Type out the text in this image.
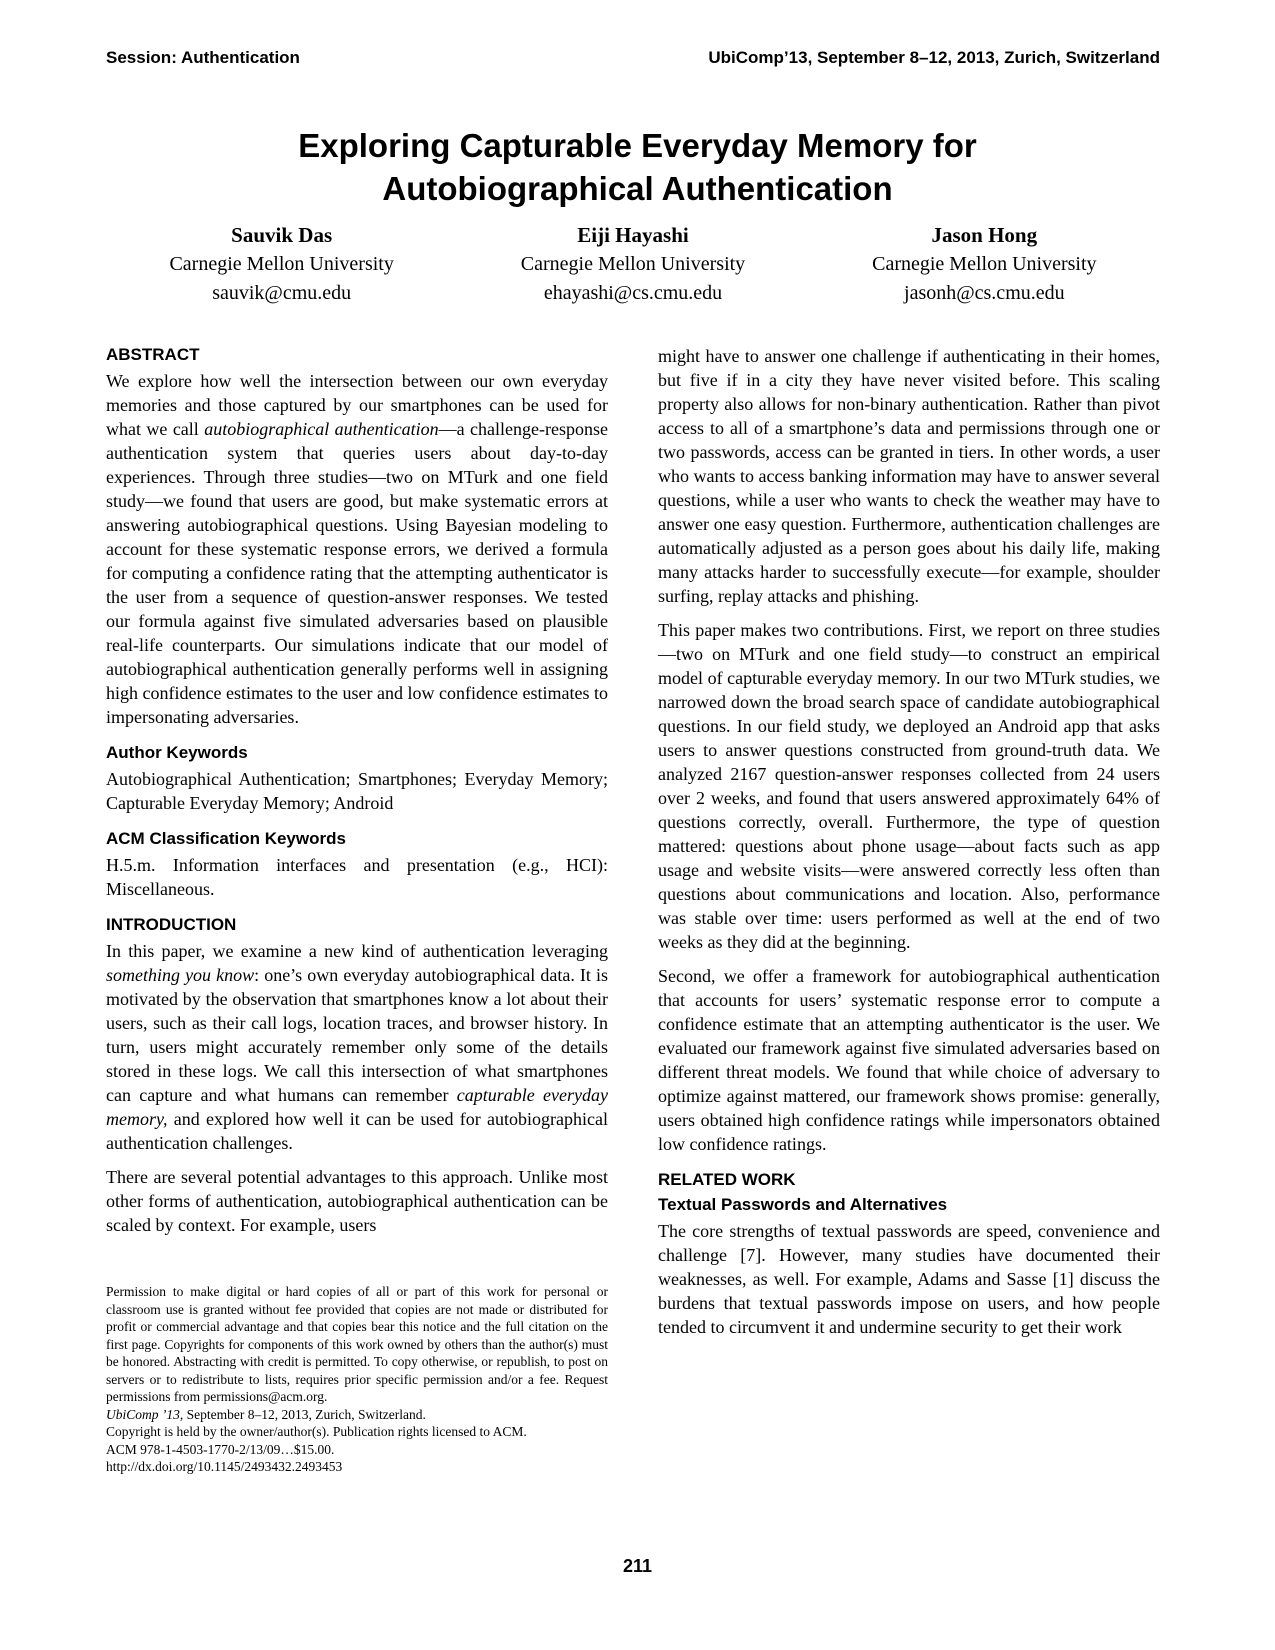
Session: Authentication	UbiComp’13, September 8–12, 2013, Zurich, Switzerland
Exploring Capturable Everyday Memory for
Autobiographical Authentication
Sauvik Das
Carnegie Mellon University
sauvik@cmu.edu
Eiji Hayashi
Carnegie Mellon University
ehayashi@cs.cmu.edu
Jason Hong
Carnegie Mellon University
jasonh@cs.cmu.edu
ABSTRACT

We explore how well the intersection between our own everyday memories and those captured by our smartphones can be used for what we call autobiographical authentication—a challenge-response authentication system that queries users about day-to-day experiences. Through three studies—two on MTurk and one field study—we found that users are good, but make systematic errors at answering autobiographical questions. Using Bayesian modeling to account for these systematic response errors, we derived a formula for computing a confidence rating that the attempting authenticator is the user from a sequence of question-answer responses. We tested our formula against five simulated adversaries based on plausible real-life counterparts. Our simulations indicate that our model of autobiographical authentication generally performs well in assigning high confidence estimates to the user and low confidence estimates to impersonating adversaries.

Author Keywords

Autobiographical Authentication; Smartphones; Everyday Memory; Capturable Everyday Memory; Android

ACM Classification Keywords

H.5.m. Information interfaces and presentation (e.g., HCI): Miscellaneous.

INTRODUCTION

In this paper, we examine a new kind of authentication leveraging something you know: one’s own everyday autobiographical data. It is motivated by the observation that smartphones know a lot about their users, such as their call logs, location traces, and browser history. In turn, users might accurately remember only some of the details stored in these logs. We call this intersection of what smartphones can capture and what humans can remember capturable everyday memory, and explored how well it can be used for autobiographical authentication challenges.

There are several potential advantages to this approach. Unlike most other forms of authentication, autobiographical authentication can be scaled by context. For example, users

Permission to make digital or hard copies of all or part of this work for personal or classroom use is granted without fee provided that copies are not made or distributed for profit or commercial advantage and that copies bear this notice and the full citation on the first page. Copyrights for components of this work owned by others than the author(s) must be honored. Abstracting with credit is permitted. To copy otherwise, or republish, to post on servers or to redistribute to lists, requires prior specific permission and/or a fee. Request permissions from permissions@acm.org.

UbiComp ’13, September 8–12, 2013, Zurich, Switzerland.
Copyright is held by the owner/author(s). Publication rights licensed to ACM.
ACM 978-1-4503-1770-2/13/09…$15.00.
http://dx.doi.org/10.1145/2493432.2493453

might have to answer one challenge if authenticating in their homes, but five if in a city they have never visited before. This scaling property also allows for non-binary authentication. Rather than pivot access to all of a smartphone’s data and permissions through one or two passwords, access can be granted in tiers. In other words, a user who wants to access banking information may have to answer several questions, while a user who wants to check the weather may have to answer one easy question. Furthermore, authentication challenges are automatically adjusted as a person goes about his daily life, making many attacks harder to successfully execute—for example, shoulder surfing, replay attacks and phishing.

This paper makes two contributions. First, we report on three studies—two on MTurk and one field study—to construct an empirical model of capturable everyday memory. In our two MTurk studies, we narrowed down the broad search space of candidate autobiographical questions. In our field study, we deployed an Android app that asks users to answer questions constructed from ground-truth data. We analyzed 2167 question-answer responses collected from 24 users over 2 weeks, and found that users answered approximately 64% of questions correctly, overall. Furthermore, the type of question mattered: questions about phone usage—about facts such as app usage and website visits—were answered correctly less often than questions about communications and location. Also, performance was stable over time: users performed as well at the end of two weeks as they did at the beginning.

Second, we offer a framework for autobiographical authentication that accounts for users’ systematic response error to compute a confidence estimate that an attempting authenticator is the user. We evaluated our framework against five simulated adversaries based on different threat models. We found that while choice of adversary to optimize against mattered, our framework shows promise: generally, users obtained high confidence ratings while impersonators obtained low confidence ratings.

RELATED WORK
Textual Passwords and Alternatives

The core strengths of textual passwords are speed, convenience and challenge [7]. However, many studies have documented their weaknesses, as well. For example, Adams and Sasse [1] discuss the burdens that textual passwords impose on users, and how people tended to circumvent it and undermine security to get their work

211
